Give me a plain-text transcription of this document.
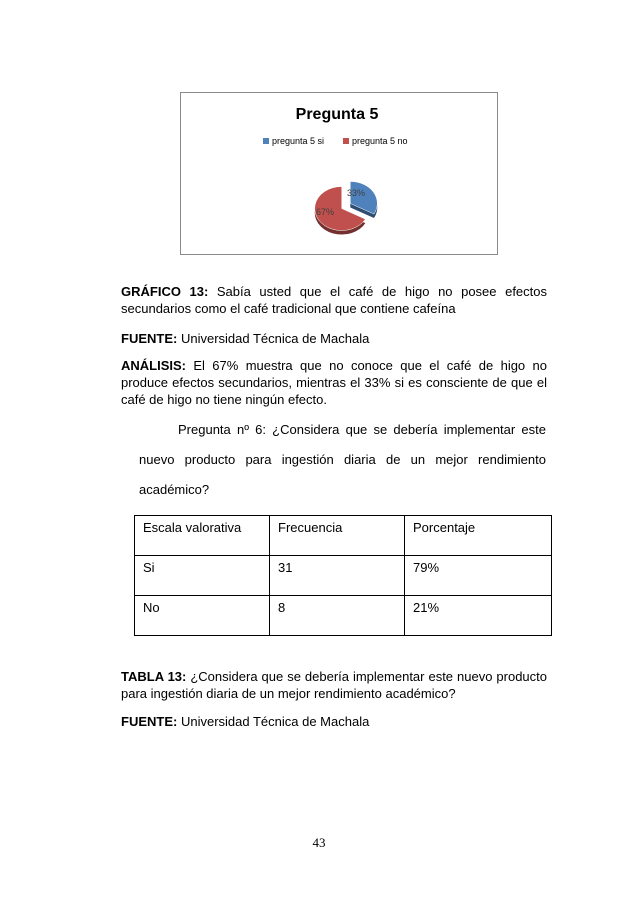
Pregunta 5
pregunta 5 si	pregunta 5 no
33%
67%

GRÁFICO 13: Sabía usted que el café de higo no posee efectos secundarios como el café tradicional que contiene cafeína

FUENTE: Universidad Técnica de Machala

ANÁLISIS: El 67% muestra que no conoce que el café de higo no produce efectos secundarios, mientras el 33% si es consciente de que el café de higo no tiene ningún efecto.

Pregunta nº 6: ¿Considera que se debería implementar este

nuevo producto para ingestión diaria de un mejor rendimiento

académico?

Escala valorativa	Frecuencia	Porcentaje
Si	31	79%
No	8	21%

TABLA 13: ¿Considera que se debería implementar este nuevo producto para ingestión diaria de un mejor rendimiento académico?

FUENTE: Universidad Técnica de Machala

43
